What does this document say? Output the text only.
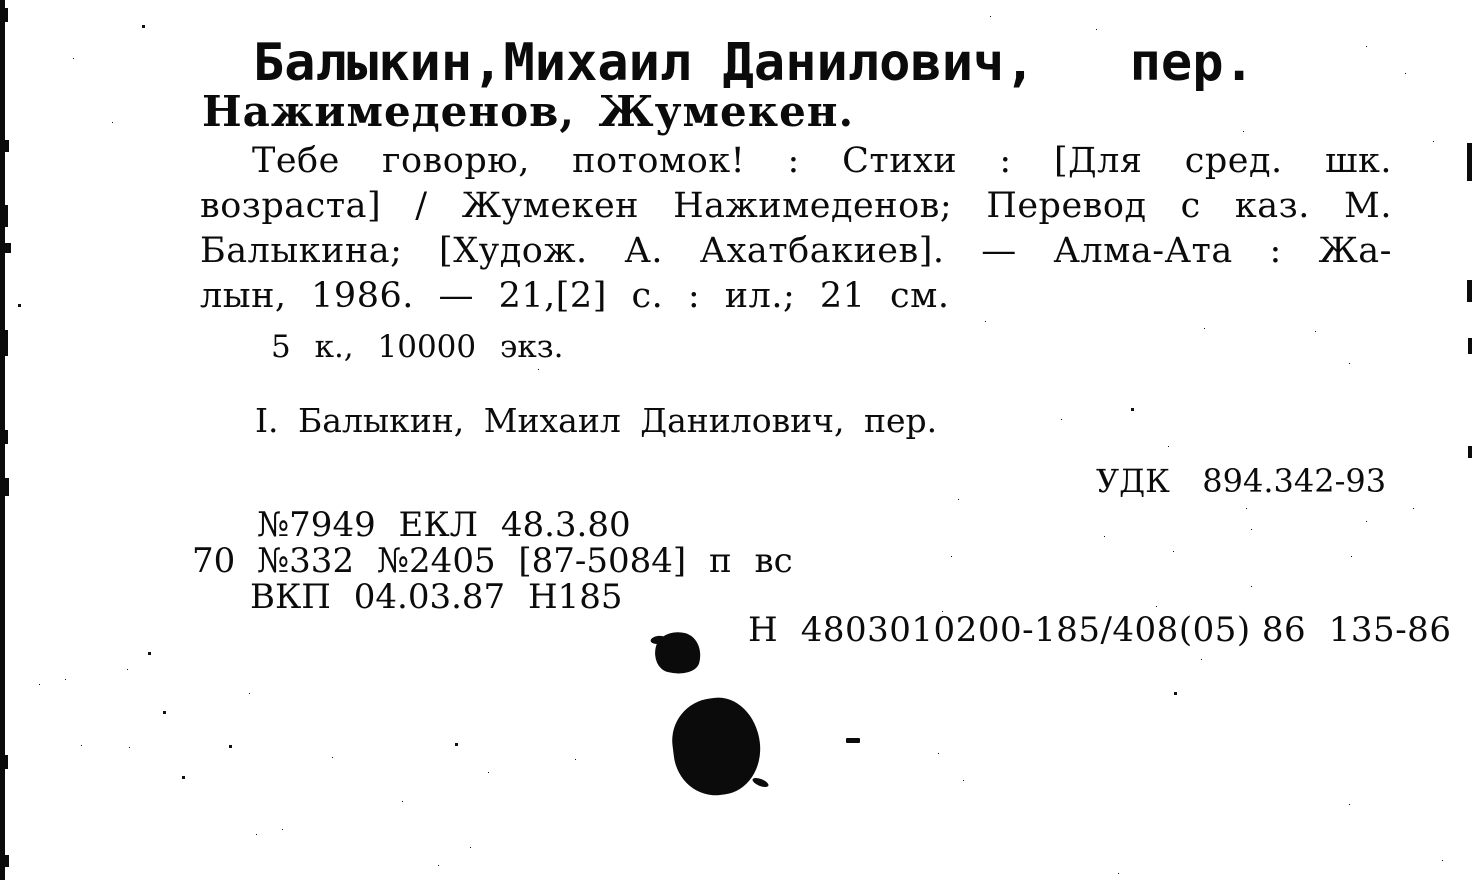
Балыкин,Михаил Данилович,   пер.
Нажимеденов, Жумекен.
Тебе говорю, потомок! : Стихи : [Для сред. шк.
возраста] / Жумекен Нажимеденов; Перевод с каз. М.
Балыкина; [Худож. А. Ахатбакиев]. — Алма-Ата : Жа-
лын, 1986. — 21,[2] с. : ил.; 21 см.
5 к., 10000 экз.
I. Балыкин, Михаил Данилович, пер.
УДК  894.342-93
№7949 ЕКЛ 48.3.80
70 №332 №2405 [87-5084] п вс
ВКП 04.03.87 Н185
Н  4803010200-185/408(05) 86  135-86
